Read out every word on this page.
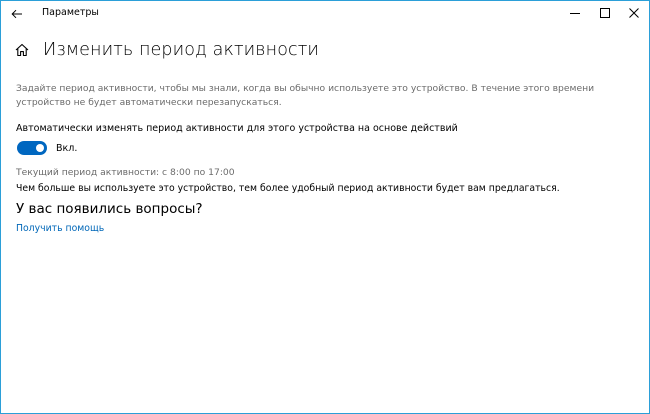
Параметры
Изменить период активности
Задайте период активности, чтобы мы знали, когда вы обычно используете это устройство. В течение этого времени устройство не будет автоматически перезапускаться.
Автоматически изменять период активности для этого устройства на основе действий
Вкл.
Текущий период активности: с 8:00 по 17:00
Чем больше вы используете это устройство, тем более удобный период активности будет вам предлагаться.
У вас появились вопросы?
Получить помощь
